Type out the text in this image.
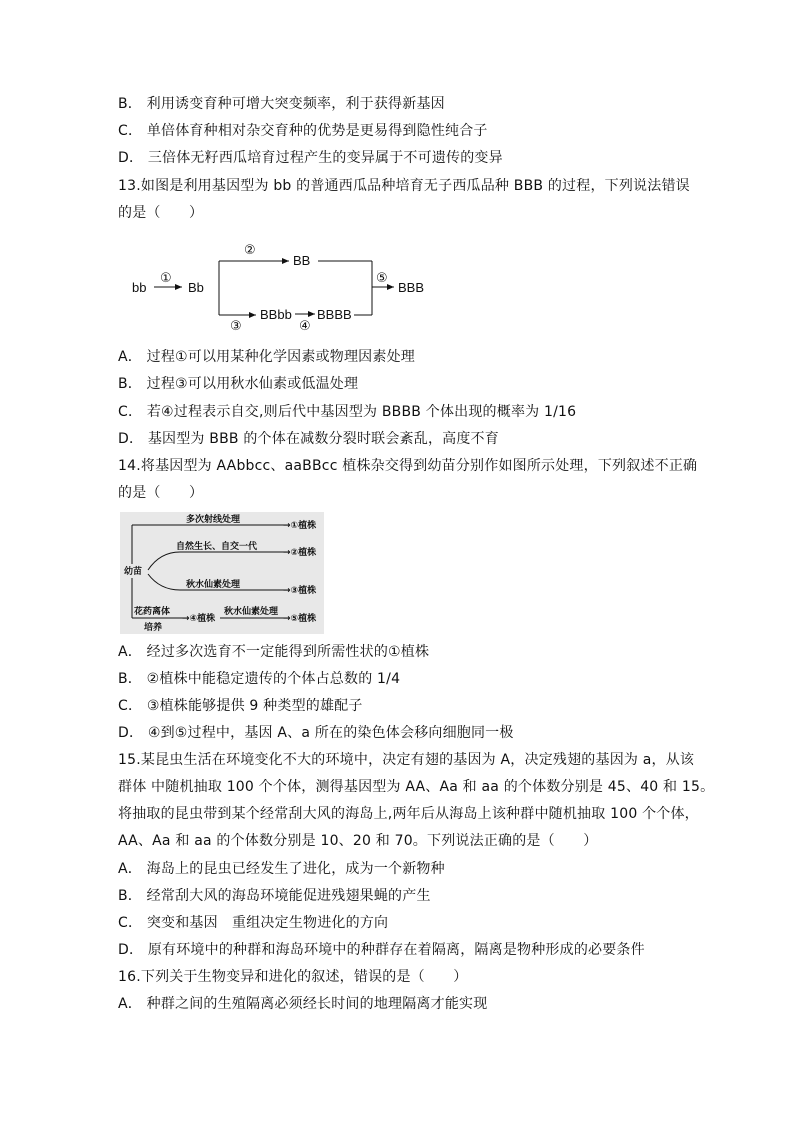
B． 利用诱变育种可增大突变频率，利于获得新基因
C． 单倍体育种相对杂交育种的优势是更易得到隐性纯合子
D． 三倍体无籽西瓜培育过程产生的变异属于不可遗传的变异
13.如图是利用基因型为 bb 的普通西瓜品种培育无子西瓜品种 BBB 的过程，下列说法错误
的是（　　）
bb
①
Bb
②
BB
③
BBbb
④
BBBB
⑤
BBB
A． 过程①可以用某种化学因素或物理因素处理
B． 过程③可以用秋水仙素或低温处理
C． 若④过程表示自交,则后代中基因型为 BBBB 个体出现的概率为 1/16
D． 基因型为 BBB 的个体在减数分裂时联会紊乱，高度不育
14.将基因型为 AAbbcc、aaBBcc 植株杂交得到幼苗分别作如图所示处理，下列叙述不正确
的是（　　）
幼苗
多次射线处理
→①植株
自然生长、自交一代
→②植株
秋水仙素处理
→③植株
花药离体
培养
→④植株
秋水仙素处理
→⑤植株
A． 经过多次选育不一定能得到所需性状的①植株
B． ②植株中能稳定遗传的个体占总数的 1/4
C． ③植株能够提供 9 种类型的雄配子
D． ④到⑤过程中，基因 A、a 所在的染色体会移向细胞同一极
15.某昆虫生活在环境变化不大的环境中，决定有翅的基因为 A，决定残翅的基因为 a，从该
群体 中随机抽取 100 个个体，测得基因型为 AA、Aa 和 aa 的个体数分别是 45、40 和 15。
将抽取的昆虫带到某个经常刮大风的海岛上,两年后从海岛上该种群中随机抽取 100 个个体，
AA、Aa 和 aa 的个体数分别是 10、20 和 70。下列说法正确的是（　　）
A． 海岛上的昆虫已经发生了进化，成为一个新物种
B． 经常刮大风的海岛环境能促进残翅果蝇的产生
C． 突变和基因　重组决定生物进化的方向
D． 原有环境中的种群和海岛环境中的种群存在着隔离，隔离是物种形成的必要条件
16.下列关于生物变异和进化的叙述，错误的是（　　）
A． 种群之间的生殖隔离必须经长时间的地理隔离才能实现
